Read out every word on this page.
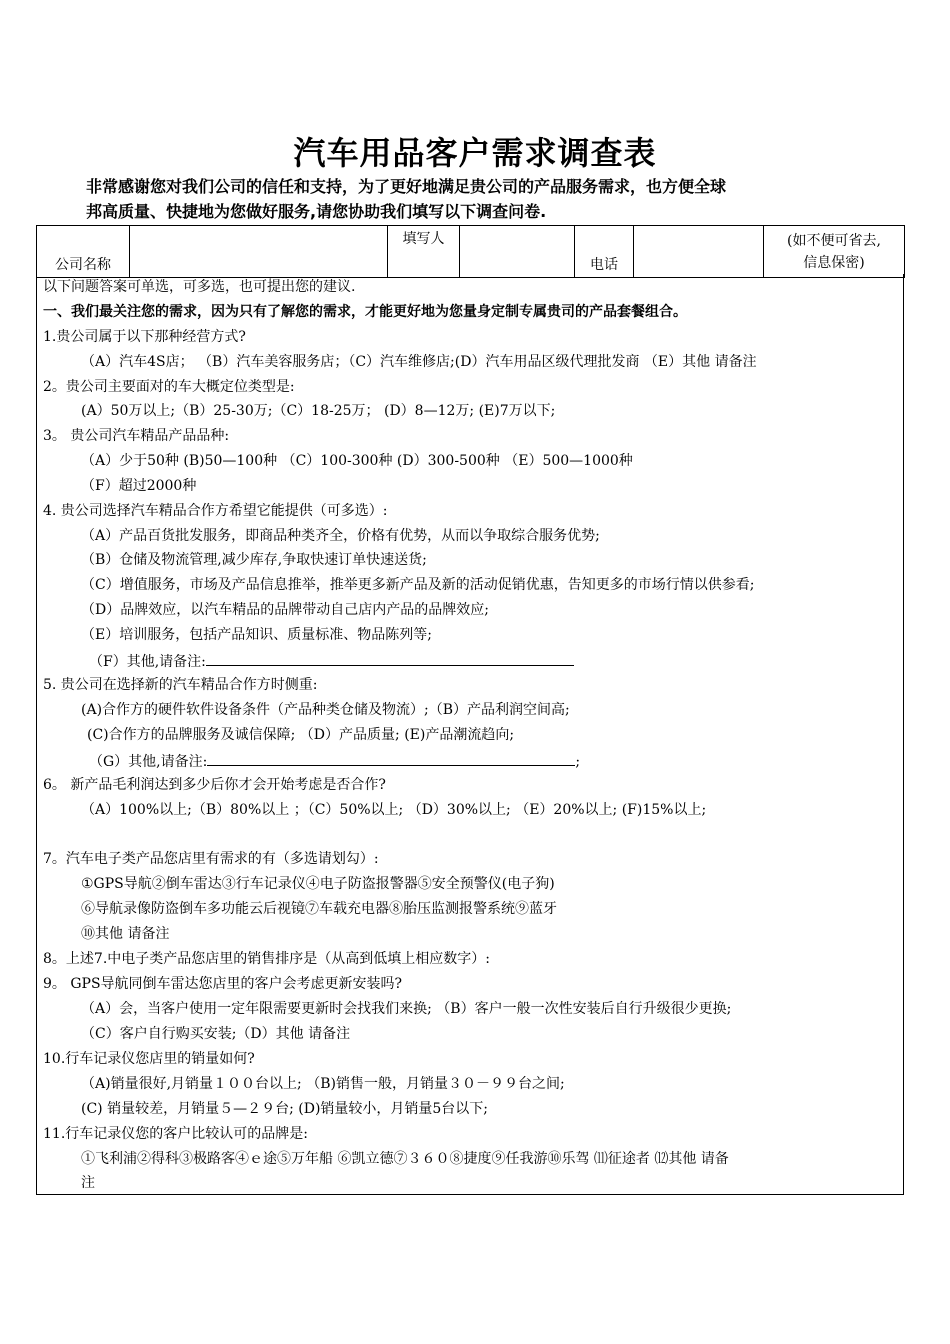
汽车用品客户需求调查表
非常感谢您对我们公司的信任和支持，为了更好地满足贵公司的产品服务需求，也方便全球
邦高质量、快捷地为您做好服务,请您协助我们填写以下调查问卷.
公司名称		填写人		电话		
(如不便可省去,
信息保密)
以下问题答案可单选，可多选，也可提出您的建议.
一、我们最关注您的需求，因为只有了解您的需求，才能更好地为您量身定制专属贵司的产品套餐组合。
1.贵公司属于以下那种经营方式?
（A）汽车4S店； （B）汽车美容服务店；（C）汽车维修店;(D）汽车用品区级代理批发商 （E）其他 请备注
2。贵公司主要面对的车大概定位类型是:
(A）50万以上;（B）25-30万;（C）18-25万； (D）8—12万; (E)7万以下;
3。 贵公司汽车精品产品品种:
（A）少于50种 (B)50—100种 （C）100-300种 (D）300-500种 （E）500—1000种
（F）超过2000种
4. 贵公司选择汽车精品合作方希望它能提供（可多选）:
（A）产品百货批发服务，即商品种类齐全，价格有优势，从而以争取综合服务优势;
（B）仓储及物流管理,减少库存,争取快速订单快速送货;
（C）增值服务，市场及产品信息推举，推举更多新产品及新的活动促销优惠，告知更多的市场行情以供参看;
（D）品牌效应，以汽车精品的品牌带动自己店内产品的品牌效应;
（E）培训服务，包括产品知识、质量标准、物品陈列等;
（F）其他,请备注:
5. 贵公司在选择新的汽车精品合作方时侧重:
(A)合作方的硬件软件设备条件（产品种类仓储及物流）;（B）产品利润空间高;
(C)合作方的品牌服务及诚信保障; （D）产品质量; (E)产品潮流趋向;
（G）其他,请备注:	;
6。 新产品毛利润达到多少后你才会开始考虑是否合作?
（A）100%以上;（B）80%以上 ；（C）50%以上; （D）30%以上; （E）20%以上; (F)15%以上;
7。汽车电子类产品您店里有需求的有（多选请划勾）:
①GPS导航②倒车雷达③行车记录仪④电子防盗报警器⑤安全预警仪(电子狗)
⑥导航录像防盗倒车多功能云后视镜⑦车载充电器⑧胎压监测报警系统⑨蓝牙
⑩其他 请备注
8。上述7.中电子类产品您店里的销售排序是（从高到低填上相应数字）:
9。 GPS导航同倒车雷达您店里的客户会考虑更新安装吗?
（A）会，当客户使用一定年限需要更新时会找我们来换; （B）客户一般一次性安装后自行升级很少更换;
（C）客户自行购买安装;（D）其他 请备注
10.行车记录仪您店里的销量如何?
（A)销量很好,月销量１００台以上; （B)销售一般，月销量３０－９９台之间;
(C) 销量较差，月销量５—２９台; (D)销量较小，月销量5台以下;
11.行车记录仪您的客户比较认可的品牌是:
①飞利浦②得科③极路客④ｅ途⑤万年船 ⑥凯立德⑦３６０⑧捷度⑨任我游⑩乐驾 ⑾征途者 ⑿其他 请备
注
